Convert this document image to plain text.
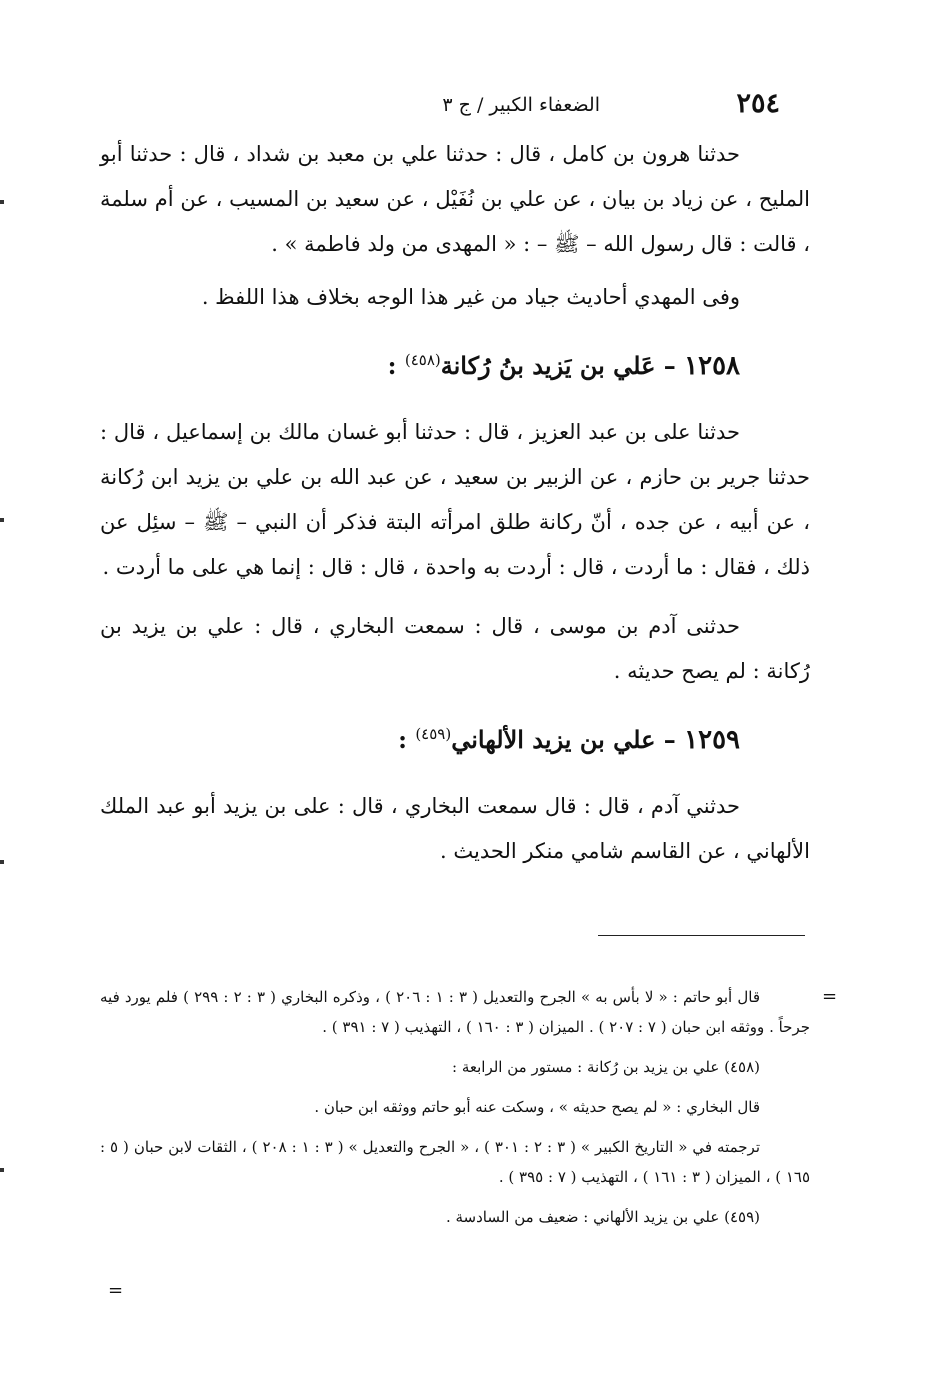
٢٥٤
الضعفاء الكبير / ج ٣

حدثنا هرون بن كامل ، قال : حدثنا علي بن معبد بن شداد ، قال : حدثنا أبو المليح ، عن زياد بن بيان ، عن علي بن نُفَيْل ، عن سعيد بن المسيب ، عن أم سلمة ، قالت : قال رسول الله – ﷺ – : « المهدى من ولد فاطمة » .

وفى المهدي أحاديث جياد من غير هذا الوجه بخلاف هذا اللفظ .

١٢٥٨ – عَلي بن يَزيد بنُ رُكانة$^{(٤٥٨)}$ :

حدثنا على بن عبد العزيز ، قال : حدثنا أبو غسان مالك بن إسماعيل ، قال : حدثنا جرير بن حازم ، عن الزبير بن سعيد ، عن عبد الله بن علي بن يزيد ابن رُكانة ، عن أبيه ، عن جده ، أنّ ركانة طلق امرأته البتة فذكر أن النبي – ﷺ – سئِل عن ذلك ، فقال : ما أردت ، قال : أردت به واحدة ، قال : قال : إنما هي على ما أردت .

حدثنى آدم بن موسى ، قال : سمعت البخاري ، قال : علي بن يزيد بن رُكانة : لم يصح حديثه .

١٢٥٩ – علي بن يزيد الألهاني$^{(٤٥٩)}$ :

حدثني آدم ، قال : قال سمعت البخاري ، قال : على بن يزيد أبو عبد الملك الألهاني ، عن القاسم شامي منكر الحديث .

قال أبو حاتم : « لا بأس به » الجرح والتعديل ( ٣ : ١ : ٢٠٦ ) ، وذكره البخاري ( ٣ : ٢ : ٢٩٩ ) فلم يورد فيه جرحاً . ووثقه ابن حبان ( ٧ : ٢٠٧ ) . الميزان ( ٣ : ١٦٠ ) ، التهذيب ( ٧ : ٣٩١ ) .

(٤٥٨) علي بن يزيد بن رُكانة : مستور من الرابعة :

قال البخاري : « لم يصح حديثه » ، وسكت عنه أبو حاتم ووثقه ابن حبان .

ترجمته في « التاريخ الكبير » ( ٣ : ٢ : ٣٠١ ) ، « الجرح والتعديل » ( ٣ : ١ : ٢٠٨ ) ، الثقات لابن حبان ( ٥ : ١٦٥ ) ، الميزان ( ٣ : ١٦١ ) ، التهذيب ( ٧ : ٣٩٥ ) .

(٤٥٩) علي بن يزيد الألهاني : ضعيف من السادسة .

=
=
